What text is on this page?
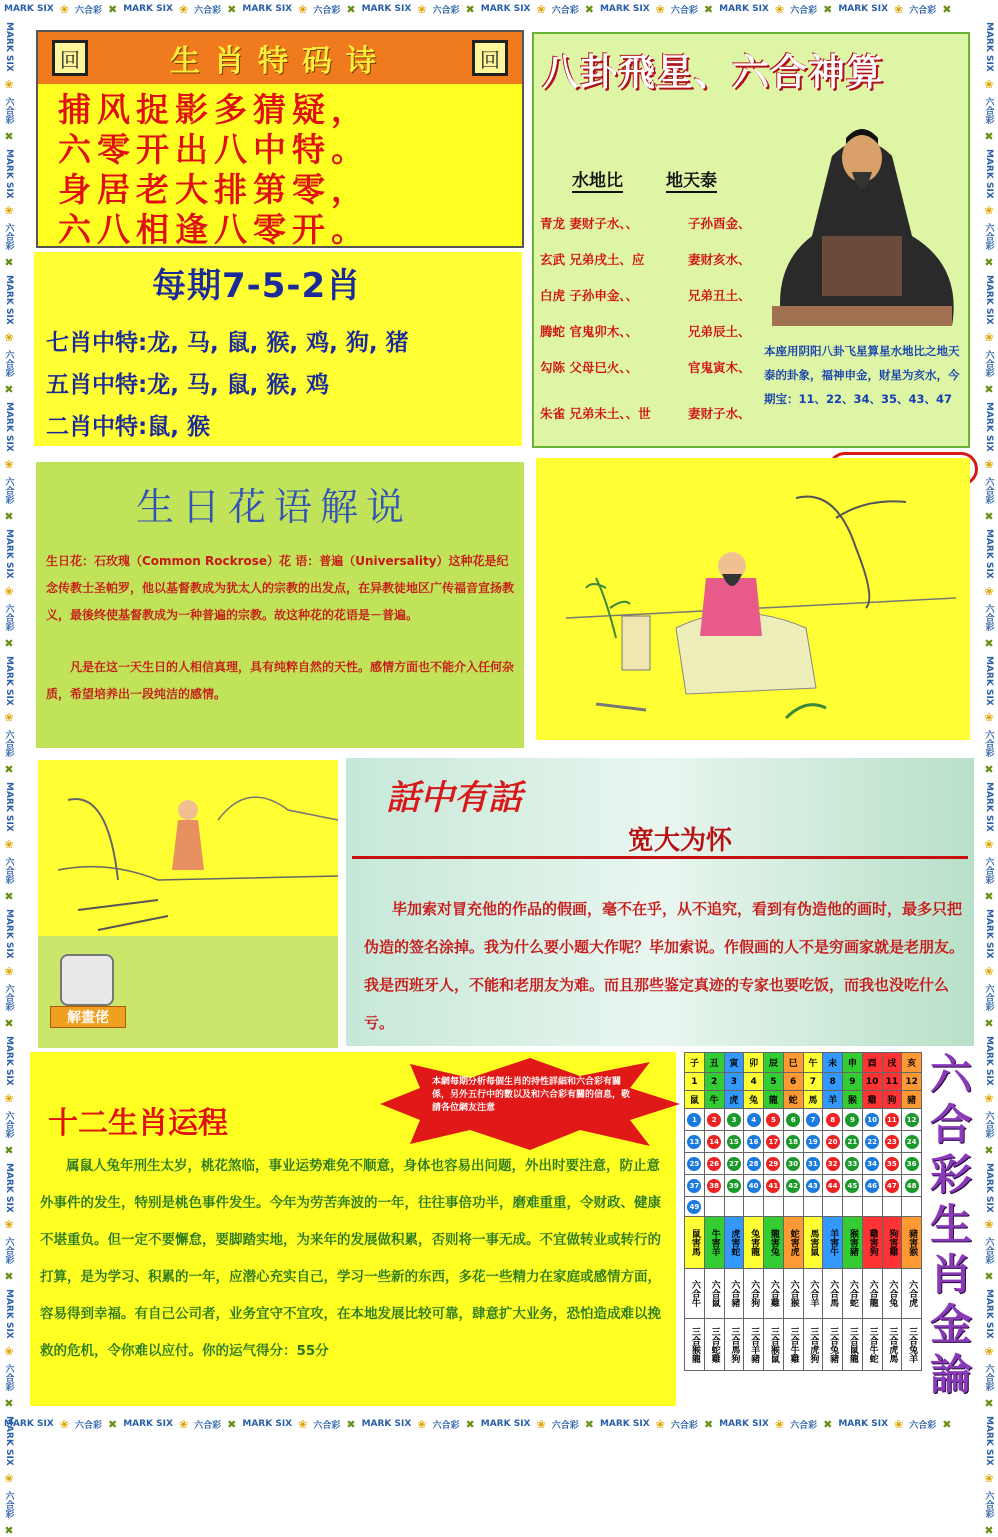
MARK SIX ❀ 六合彩 ✖ MARK SIX ❀ 六合彩 ✖ MARK SIX ❀ 六合彩 ✖ MARK SIX ❀ 六合彩 ✖ MARK SIX ❀ 六合彩 ✖ MARK SIX ❀ 六合彩 ✖ MARK SIX ❀ 六合彩 ✖ MARK SIX ❀ 六合彩 ✖
MARK SIX ❀ 六合彩 ✖ MARK SIX ❀ 六合彩 ✖ MARK SIX ❀ 六合彩 ✖ MARK SIX ❀ 六合彩 ✖ MARK SIX ❀ 六合彩 ✖ MARK SIX ❀ 六合彩 ✖ MARK SIX ❀ 六合彩 ✖ MARK SIX ❀ 六合彩 ✖
MARK SIX
❀
六合彩
✖
MARK SIX
❀
六合彩
✖
MARK SIX
❀
六合彩
✖
MARK SIX
❀
六合彩
✖
MARK SIX
❀
六合彩
✖
MARK SIX
❀
六合彩
✖
MARK SIX
❀
六合彩
✖
MARK SIX
❀
六合彩
✖
MARK SIX
❀
六合彩
✖
MARK SIX
❀
六合彩
✖
MARK SIX
❀
六合彩
✖
MARK SIX
❀
六合彩
✖
MARK SIX
❀
六合彩
✖
MARK SIX
❀
六合彩
✖
MARK SIX
❀
六合彩
✖
MARK SIX
❀
六合彩
✖
MARK SIX
❀
六合彩
✖
MARK SIX
❀
六合彩
✖
MARK SIX
❀
六合彩
✖
MARK SIX
❀
六合彩
✖
MARK SIX
❀
六合彩
✖
MARK SIX
❀
六合彩
✖
MARK SIX
❀
六合彩
✖
MARK SIX
❀
六合彩
✖
回	生肖特码诗	回
捕风捉影多猜疑，
六零开出八中特。
身居老大排第零，
六八相逢八零开。
八卦飛星、六合神算
水地比	地天泰
青龙 妻财子水、、	子孙酉金、
玄武 兄弟戌土、应	妻财亥水、
白虎 子孙申金、、	兄弟丑土、
腾蛇 官鬼卯木、、	兄弟辰土、
勾陈 父母巳火、、	官鬼寅木、
朱雀 兄弟未土、、世	妻财子水、
本座用阴阳八卦飞星算星水地比之地天泰的卦象，福神申金，财星为亥水，今期宝：11、22、34、35、43、47
每期7-5-2肖
七肖中特:龙, 马, 鼠, 猴, 鸡, 狗, 猪
五肖中特:龙, 马, 鼠, 猴, 鸡
二肖中特:鼠, 猴
生日花语解说
生日花：石玫瑰（Common Rockrose）花 语：普遍（Universality）这种花是纪念传教士圣帕罗，他以基督教成为犹太人的宗教的出发点，在异教徒地区广传福音宣扬教义，最後终使基督教成为一种普遍的宗教。故这种花的花语是－普遍。
凡是在这一天生日的人相信真理，具有纯粹自然的天性。感情方面也不能介入任何杂质，希望培养出一段纯洁的感情。
解畫佬
話中有話
宽大为怀
毕加索对冒充他的作品的假画，毫不在乎，从不追究，看到有伪造他的画时，最多只把伪造的签名涂掉。我为什么要小题大作呢？毕加索说。作假画的人不是穷画家就是老朋友。我是西班牙人，不能和老朋友为难。而且那些鉴定真迹的专家也要吃饭，而我也没吃什么亏。
十二生肖运程
属鼠人兔年刑生太岁，桃花煞临，事业运势难免不顺意，身体也容易出问题，外出时要注意，防止意外事件的发生，特别是桃色事件发生。今年为劳苦奔波的一年，往往事倍功半，磨难重重，令财政、健康不堪重负。但一定不要懈怠，要脚踏实地，为来年的发展做积累，否则将一事无成。不宜做转业或转行的打算，是为学习、积累的一年，应潜心充实自己，学习一些新的东西，多花一些精力在家庭或感情方面，容易得到幸福。有自己公司者，业务宜守不宜攻，在本地发展比较可靠，肆意扩大业务，恐怕造成难以挽救的危机，令你难以应付。你的运气得分：55分
本網每期分析每個生肖的持性詳細和六合彩有關係，另外五行中的數以及和六合彩有關的信息，敬請各位網友注意
子	丑	寅	卯	辰	巳	午	未	申	酉	戌	亥
1	2	3	4	5	6	7	8	9	10	11	12
鼠	牛	虎	兔	龍	蛇	馬	羊	猴	雞	狗	豬
1	2	3	4	5	6	7	8	9	10	11	12
13	14	15	16	17	18	19	20	21	22	23	24
25	26	27	28	29	30	31	32	33	34	35	36
37	38	39	40	41	42	43	44	45	46	47	48
49											
鼠害馬	牛害羊	虎害蛇	兔害龍	龍害兔	蛇害虎	馬害鼠	羊害牛	猴害豬	雞害狗	狗害雞	豬害猴
六合牛	六合鼠	六合豬	六合狗	六合雞	六合猴	六合羊	六合馬	六合蛇	六合龍	六合兔	六合虎
三合猴龍	三合蛇雞	三合馬狗	三合羊豬	三合猴鼠	三合牛雞	三合虎狗	三合兔豬	三合鼠龍	三合牛蛇	三合虎馬	三合兔羊
六
合
彩
生
肖
金
論
